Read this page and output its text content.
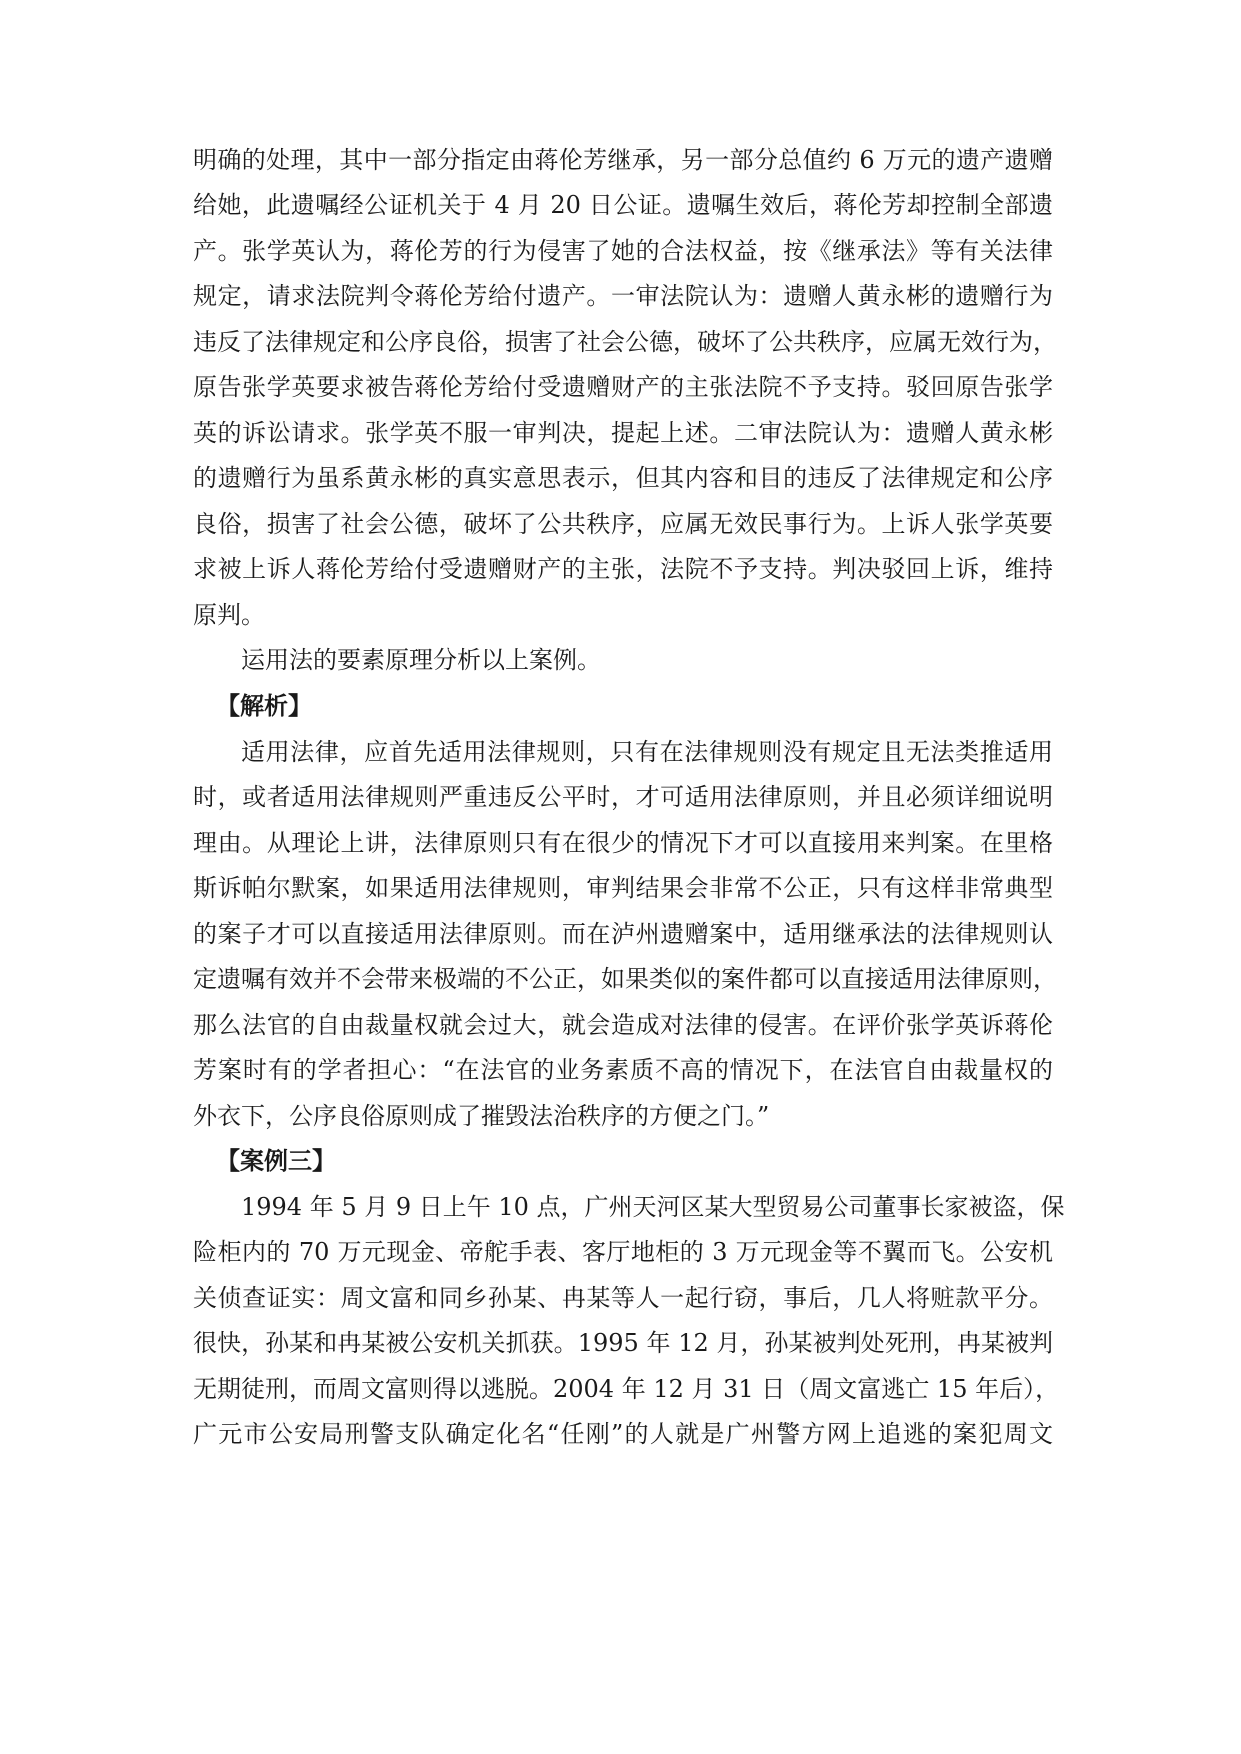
明确的处理，其中一部分指定由蒋伦芳继承，另一部分总值约 6 万元的遗产遗赠
给她，此遗嘱经公证机关于 4 月 20 日公证。遗嘱生效后，蒋伦芳却控制全部遗
产。张学英认为，蒋伦芳的行为侵害了她的合法权益，按《继承法》等有关法律
规定，请求法院判令蒋伦芳给付遗产。一审法院认为：遗赠人黄永彬的遗赠行为
违反了法律规定和公序良俗，损害了社会公德，破坏了公共秩序，应属无效行为，
原告张学英要求被告蒋伦芳给付受遗赠财产的主张法院不予支持。驳回原告张学
英的诉讼请求。张学英不服一审判决，提起上述。二审法院认为：遗赠人黄永彬
的遗赠行为虽系黄永彬的真实意思表示，但其内容和目的违反了法律规定和公序
良俗，损害了社会公德，破坏了公共秩序，应属无效民事行为。上诉人张学英要
求被上诉人蒋伦芳给付受遗赠财产的主张，法院不予支持。判决驳回上诉，维持
原判。
运用法的要素原理分析以上案例。
【解析】
适用法律，应首先适用法律规则，只有在法律规则没有规定且无法类推适用
时，或者适用法律规则严重违反公平时，才可适用法律原则，并且必须详细说明
理由。从理论上讲，法律原则只有在很少的情况下才可以直接用来判案。在里格
斯诉帕尔默案，如果适用法律规则，审判结果会非常不公正，只有这样非常典型
的案子才可以直接适用法律原则。而在泸州遗赠案中，适用继承法的法律规则认
定遗嘱有效并不会带来极端的不公正，如果类似的案件都可以直接适用法律原则，
那么法官的自由裁量权就会过大，就会造成对法律的侵害。在评价张学英诉蒋伦
芳案时有的学者担心：“在法官的业务素质不高的情况下，在法官自由裁量权的
外衣下，公序良俗原则成了摧毁法治秩序的方便之门。”
【案例三】
1994 年 5 月 9 日上午 10 点，广州天河区某大型贸易公司董事长家被盗，保
险柜内的 70 万元现金、帝舵手表、客厅地柜的 3 万元现金等不翼而飞。公安机
关侦查证实：周文富和同乡孙某、冉某等人一起行窃，事后，几人将赃款平分。
很快，孙某和冉某被公安机关抓获。1995 年 12 月，孙某被判处死刑，冉某被判
无期徒刑，而周文富则得以逃脱。2004 年 12 月 31 日（周文富逃亡 15 年后），
广元市公安局刑警支队确定化名“任刚”的人就是广州警方网上追逃的案犯周文
